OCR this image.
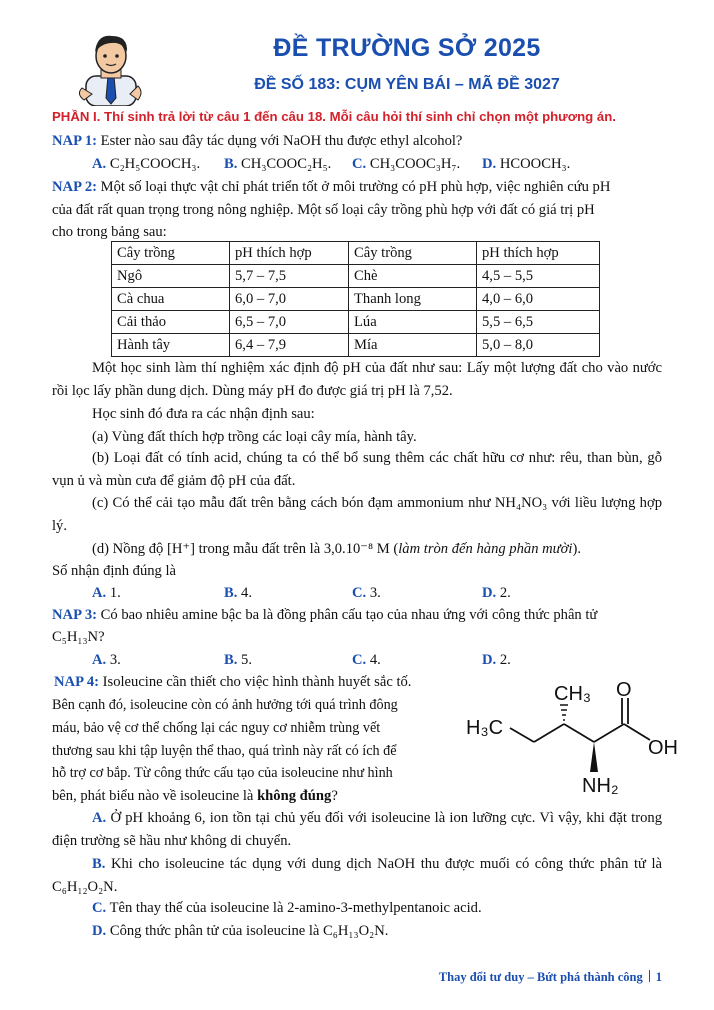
ĐỀ TRƯỜNG SỞ 2025
ĐỀ SỐ 183: CỤM YÊN BÁI – MÃ ĐỀ 3027
PHẦN I. Thí sinh trả lời từ câu 1 đến câu 18. Mỗi câu hỏi thí sinh chỉ chọn một phương án.
NAP 1: Ester nào sau đây tác dụng với NaOH thu được ethyl alcohol?
A. C₂H₅COOCH₃. B. CH₃COOC₂H₅. C. CH₃COOC₃H₇. D. HCOOCH₃.
NAP 2: Một số loại thực vật chỉ phát triển tốt ở môi trường có pH phù hợp, việc nghiên cứu pH
của đất rất quan trọng trong nông nghiệp. Một số loại cây trồng phù hợp với đất có giá trị pH
cho trong bảng sau:
Cây trồng	pH thích hợp	Cây trồng	pH thích hợp
Ngô	5,7 – 7,5	Chè	4,5 – 5,5
Cà chua	6,0 – 7,0	Thanh long	4,0 – 6,0
Cải thảo	6,5 – 7,0	Lúa	5,5 – 6,5
Hành tây	6,4 – 7,9	Mía	5,0 – 8,0
Một học sinh làm thí nghiệm xác định độ pH của đất như sau: Lấy một lượng đất cho vào nước rồi lọc lấy phần dung dịch. Dùng máy pH đo được giá trị pH là 7,52.
Học sinh đó đưa ra các nhận định sau:
(a) Vùng đất thích hợp trồng các loại cây mía, hành tây.
(b) Loại đất có tính acid, chúng ta có thể bổ sung thêm các chất hữu cơ như: rêu, than bùn, gỗ vụn ủ và mùn cưa để giảm độ pH của đất.
(c) Có thể cải tạo mẫu đất trên bằng cách bón đạm ammonium như NH₄NO₃ với liều lượng hợp lý.
(d) Nồng độ [H⁺] trong mẫu đất trên là 3,0.10⁻⁸ M (làm tròn đến hàng phần mười).
Số nhận định đúng là
A. 1.	B. 4.	C. 3.	D. 2.
NAP 3: Có bao nhiêu amine bậc ba là đồng phân cấu tạo của nhau ứng với công thức phân tử
C₅H₁₃N?
A. 3.	B. 5.	C. 4.	D. 2.
NAP 4: Isoleucine cần thiết cho việc hình thành huyết sắc tố.
Bên cạnh đó, isoleucine còn có ảnh hưởng tới quá trình đông
máu, bảo vệ cơ thể chống lại các nguy cơ nhiễm trùng vết
thương sau khi tập luyện thể thao, quá trình này rất có ích để
hỗ trợ cơ bắp. Từ công thức cấu tạo của isoleucine như hình
bên, phát biểu nào về isoleucine là không đúng?
H₃C
CH₃
NH₂
O
OH
A. Ở pH khoảng 6, ion tồn tại chủ yếu đối với isoleucine là ion lưỡng cực. Vì vậy, khi đặt trong điện trường sẽ hầu như không di chuyển.
B. Khi cho isoleucine tác dụng với dung dịch NaOH thu được muối có công thức phân tử là C₆H₁₂O₂N.
C. Tên thay thế của isoleucine là 2-amino-3-methylpentanoic acid.
D. Công thức phân tử của isoleucine là C₆H₁₃O₂N.
Thay đổi tư duy – Bứt phá thành công 1
